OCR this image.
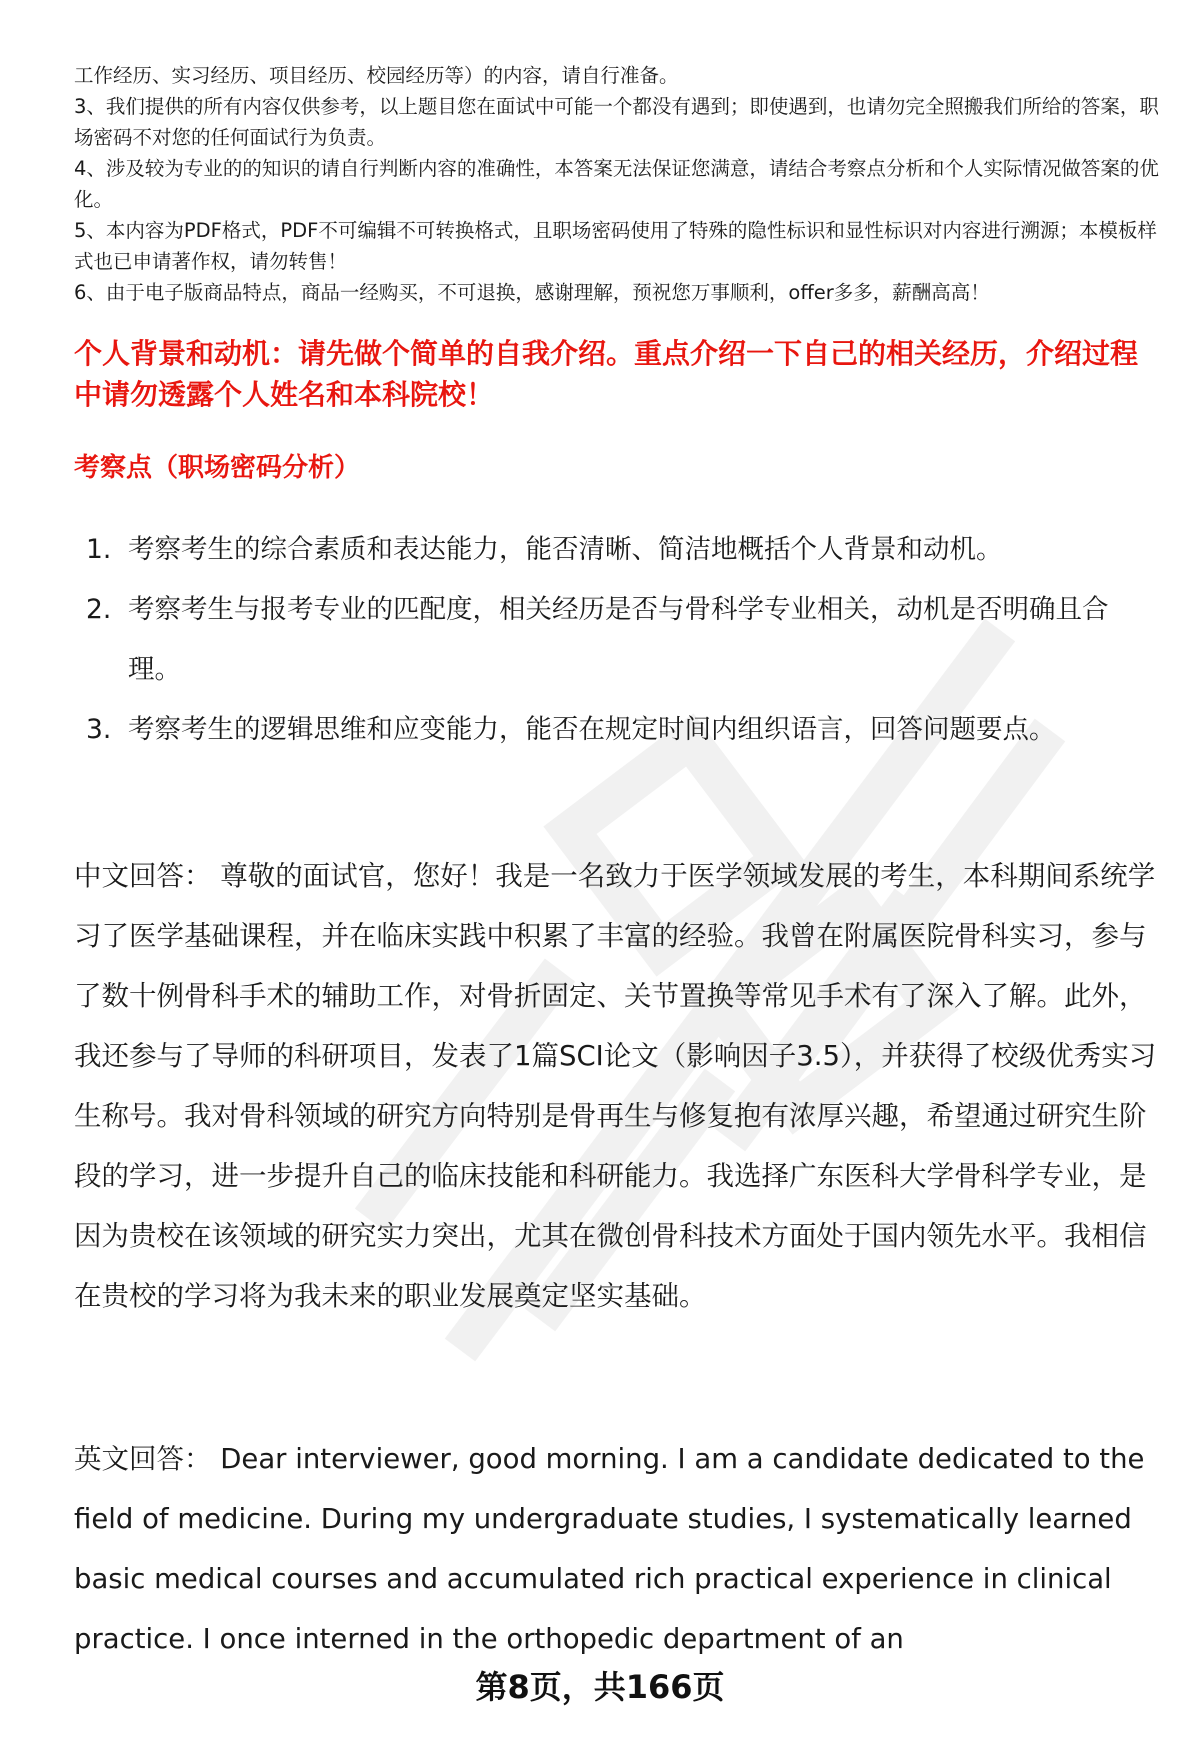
工作经历、实习经历、项目经历、校园经历等）的内容，请自行准备。

3、我们提供的所有内容仅供参考，以上题目您在面试中可能一个都没有遇到；即使遇到，也请勿完全照搬我们所给的答案，职场密码不对您的任何面试行为负责。

4、涉及较为专业的的知识的请自行判断内容的准确性，本答案无法保证您满意，请结合考察点分析和个人实际情况做答案的优化。

5、本内容为PDF格式，PDF不可编辑不可转换格式，且职场密码使用了特殊的隐性标识和显性标识对内容进行溯源；本模板样式也已申请著作权，请勿转售！

6、由于电子版商品特点，商品一经购买，不可退换，感谢理解，预祝您万事顺利，offer多多，薪酬高高！

个人背景和动机：请先做个简单的自我介绍。重点介绍一下自己的相关经历，介绍过程中请勿透露个人姓名和本科院校！

考察点（职场密码分析）

1. 考察考生的综合素质和表达能力，能否清晰、简洁地概括个人背景和动机。
2. 考察考生与报考专业的匹配度，相关经历是否与骨科学专业相关，动机是否明确且合理。
3. 考察考生的逻辑思维和应变能力，能否在规定时间内组织语言，回答问题要点。

中文回答： 尊敬的面试官，您好！我是一名致力于医学领域发展的考生，本科期间系统学习了医学基础课程，并在临床实践中积累了丰富的经验。我曾在附属医院骨科实习，参与了数十例骨科手术的辅助工作，对骨折固定、关节置换等常见手术有了深入了解。此外，我还参与了导师的科研项目，发表了1篇SCI论文（影响因子3.5），并获得了校级优秀实习生称号。我对骨科领域的研究方向特别是骨再生与修复抱有浓厚兴趣，希望通过研究生阶段的学习，进一步提升自己的临床技能和科研能力。我选择广东医科大学骨科学专业，是因为贵校在该领域的研究实力突出，尤其在微创骨科技术方面处于国内领先水平。我相信在贵校的学习将为我未来的职业发展奠定坚实基础。

英文回答： Dear interviewer, good morning. I am a candidate dedicated to the field of medicine. During my undergraduate studies, I systematically learned basic medical courses and accumulated rich practical experience in clinical practice. I once interned in the orthopedic department of an

第8页，共166页
